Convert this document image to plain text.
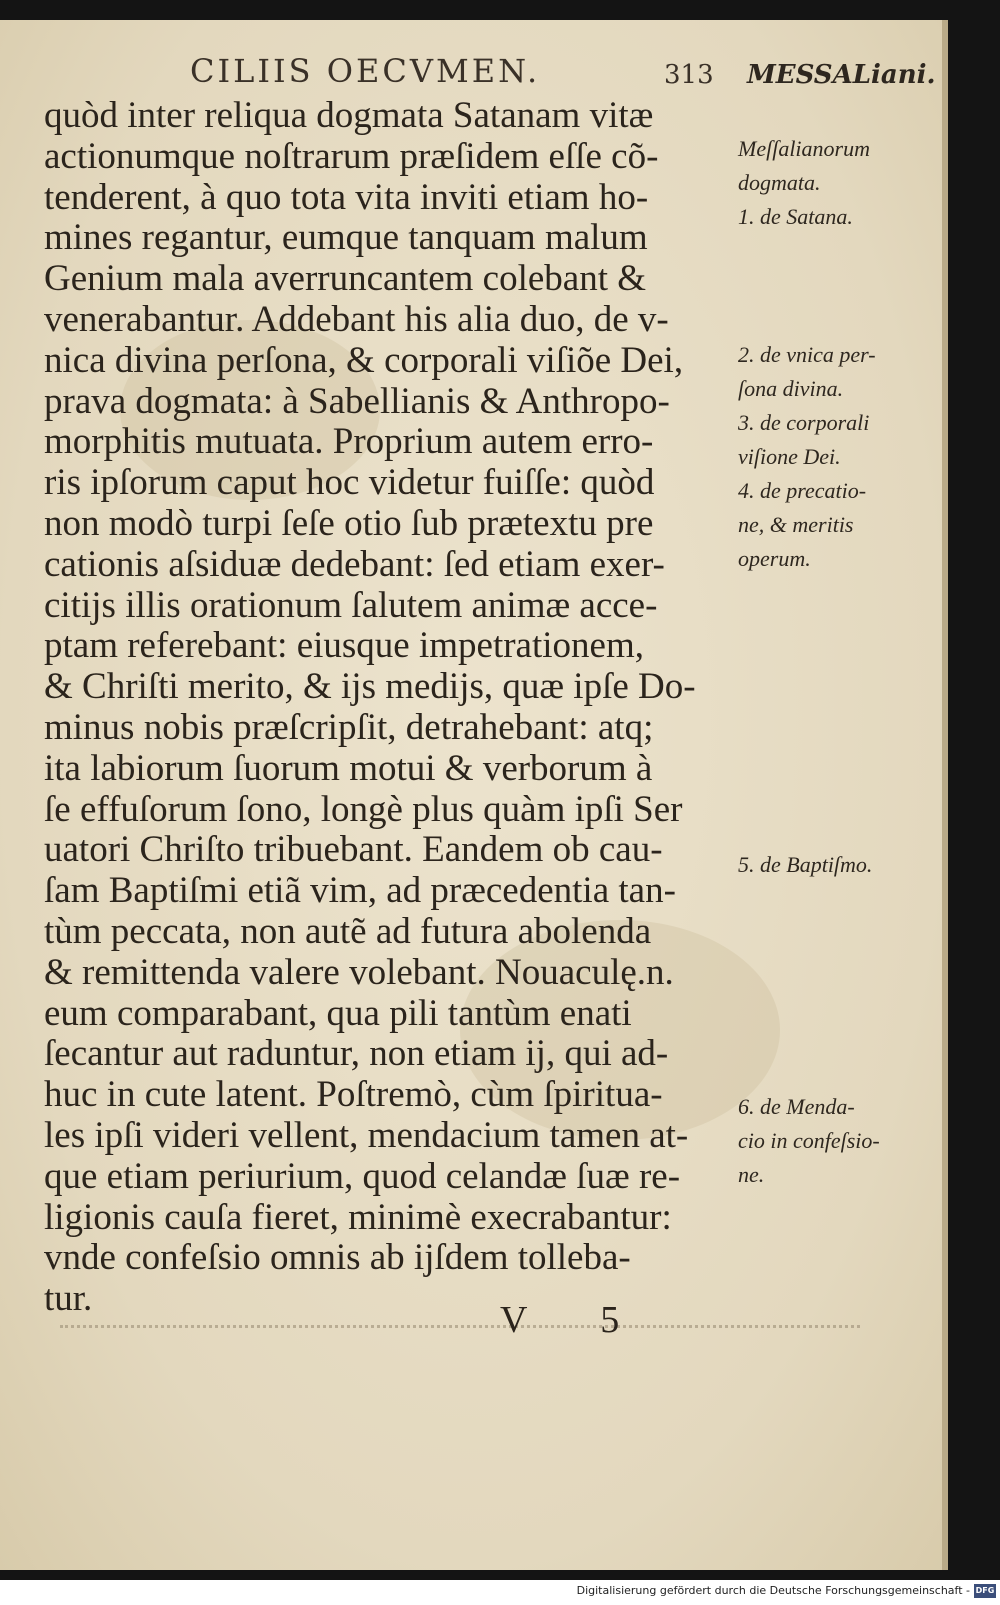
CILIIS OECVMEN.	313 MESSALiani.
quòd inter reliqua dogmata Satanam vitæ
actionumque noſtrarum præſidem eſſe cõ-
tenderent, à quo tota vita inviti etiam ho-
mines regantur, eumque tanquam malum
Genium mala averruncantem colebant &
venerabantur. Addebant his alia duo, de v-
nica divina perſona, & corporali viſiõe Dei,
prava dogmata: à Sabellianis & Anthropo-
morphitis mutuata. Proprium autem erro-
ris ipſorum caput hoc videtur fuiſſe: quòd
non modò turpi ſeſe otio ſub prætextu pre
cationis aſsiduæ dedebant: ſed etiam exer-
citijs illis orationum ſalutem animæ acce-
ptam referebant: eiusque impetrationem,
& Chriſti merito, & ijs medijs, quæ ipſe Do-
minus nobis præſcripſit, detrahebant: atq;
ita labiorum ſuorum motui & verborum à
ſe effuſorum ſono, longè plus quàm ipſi Ser
uatori Chriſto tribuebant. Eandem ob cau-
ſam Baptiſmi etiã vim, ad præcedentia tan-
tùm peccata, non autẽ ad futura abolenda
& remittenda valere volebant. Nouaculę.n.
eum comparabant, qua pili tantùm enati
ſecantur aut raduntur, non etiam ij, qui ad-
huc in cute latent. Poſtremò, cùm ſpiritua-
les ipſi videri vellent, mendacium tamen at-
que etiam periurium, quod celandæ ſuæ re-
ligionis cauſa fieret, minimè execrabantur:
vnde confeſsio omnis ab ijſdem tolleba-
tur.
Meſſalianorum
dogmata.
1. de Satana.
2. de vnica per-
ſona divina.
3. de corporali
viſione Dei.
4. de precatio-
ne, & meritis
operum.
5. de Baptiſmo.
6. de Menda-
cio in confeſsio-
ne.
V 5
Digitalisierung gefördert durch die Deutsche Forschungsgemeinschaft - DFG
